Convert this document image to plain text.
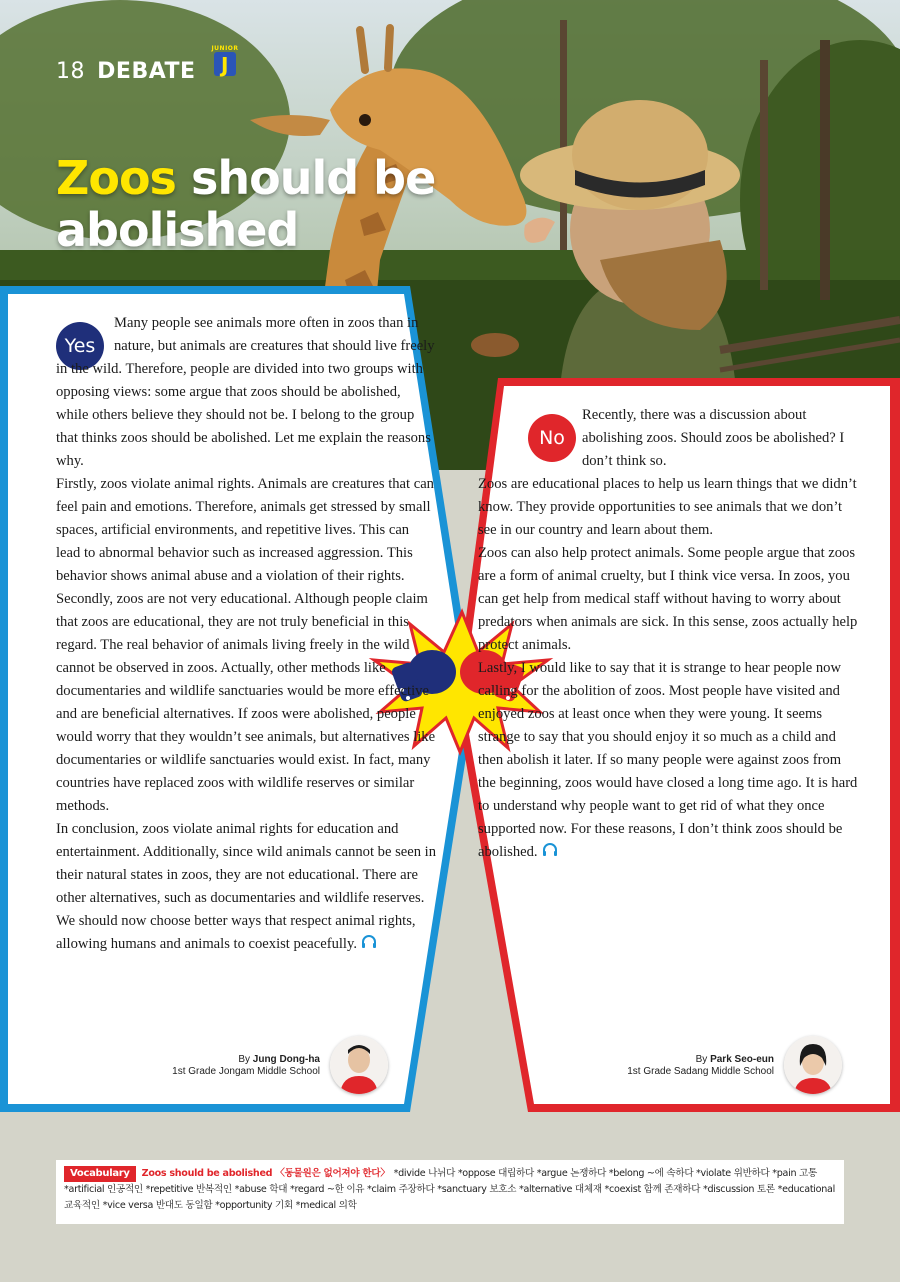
18 DEBATE J
JUNIOR
Zoos should be abolished
Yes
Many people see animals more often in zoos than in nature, but animals are creatures that should live freely in the wild. Therefore, people are divided into two groups with opposing views: some argue that zoos should be abolished, while others believe they should not be. I belong to the group that thinks zoos should be abolished. Let me explain the reasons why.
Firstly, zoos violate animal rights. Animals are creatures that can feel pain and emotions. Therefore, animals get stressed by small spaces, artificial environments, and repetitive lives. This can lead to abnormal behavior such as increased aggression. This behavior shows animal abuse and a violation of their rights.
Secondly, zoos are not very educational. Although people claim that zoos are educational, they are not truly beneficial in this regard. The real behavior of animals living freely in the wild cannot be observed in zoos. Actually, other methods like documentaries and wildlife sanctuaries would be more effective and are beneficial alternatives. If zoos were abolished, people would worry that they wouldn’t see animals, but alternatives like documentaries or wildlife sanctuaries would exist. In fact, many countries have replaced zoos with wildlife reserves or similar methods.
In conclusion, zoos violate animal rights for education and entertainment. Additionally, since wild animals cannot be seen in their natural states in zoos, they are not educational. There are other alternatives, such as documentaries and wildlife reserves. We should now choose better ways that respect animal rights, allowing humans and animals to coexist peacefully.
By Jung Dong-ha
1st Grade Jongam Middle School
No
Recently, there was a discussion about abolishing zoos. Should zoos be abolished? I don’t think so.
Zoos are educational places to help us learn things that we didn’t know. They provide opportunities to see animals that we don’t see in our country and learn about them.
Zoos can also help protect animals. Some people argue that zoos are a form of animal cruelty, but I think vice versa. In zoos, you can get help from medical staff without having to worry about predators when animals are sick. In this sense, zoos actually help protect animals.
Lastly, I would like to say that it is strange to hear people now calling for the abolition of zoos. Most people have visited and enjoyed zoos at least once when they were young. It seems strange to say that you should enjoy it so much as a child and then abolish it later. If so many people were against zoos from the beginning, zoos would have closed a long time ago. It is hard to understand why people want to get rid of what they once supported now. For these reasons, I don’t think zoos should be abolished.
By Park Seo-eun
1st Grade Sadang Middle School
Vocabulary Zoos should be abolished 〈동물원은 없어져야 한다〉 *divide 나뉘다 *oppose 대립하다 *argue 논쟁하다 *belong ~에 속하다 *violate 위반하다 *pain 고통 *artificial 인공적인 *repetitive 반복적인 *abuse 학대 *regard ~한 이유 *claim 주장하다 *sanctuary 보호소 *alternative 대체재 *coexist 함께 존재하다 *discussion 토론 *educational 교육적인 *vice versa 반대도 동일함 *opportunity 기회 *medical 의학
